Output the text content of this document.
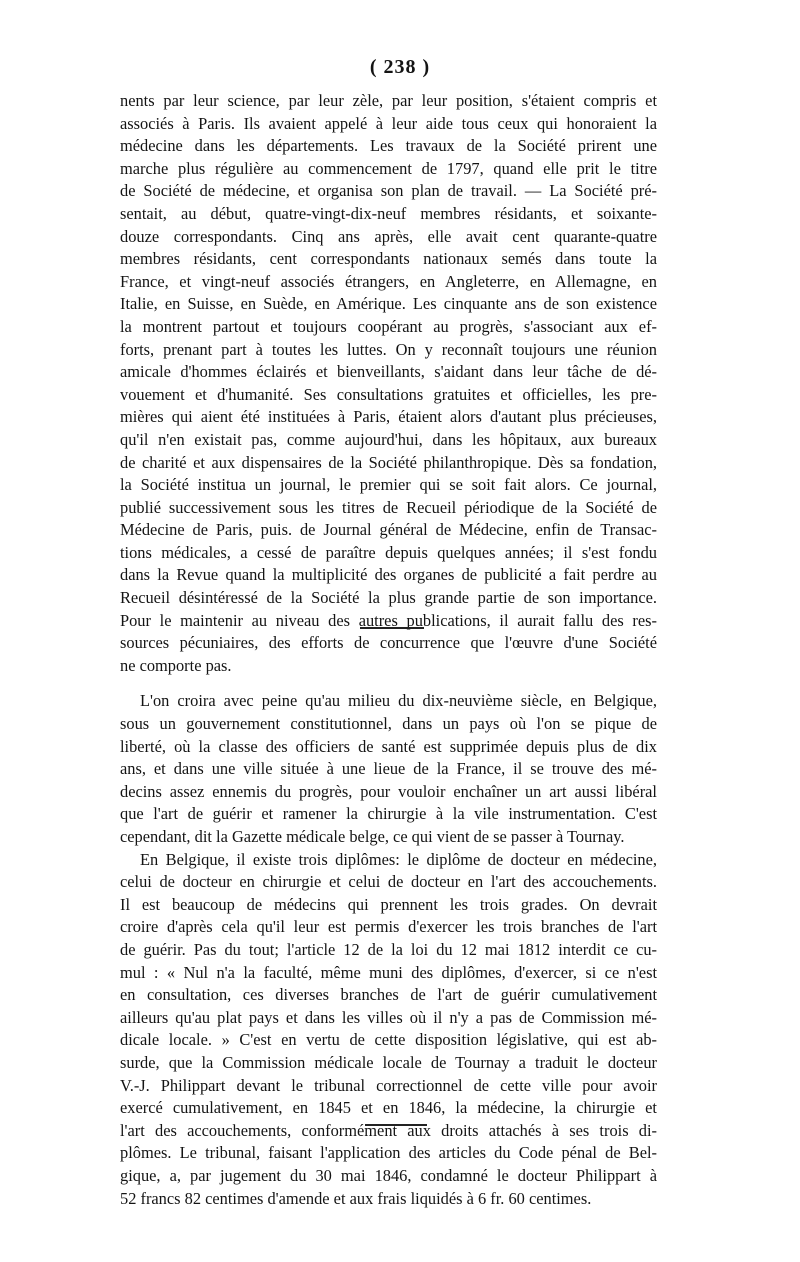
( 238 )

nents par leur science, par leur zèle, par leur position, s'étaient compris et
associés à Paris. Ils avaient appelé à leur aide tous ceux qui honoraient la
médecine dans les départements. Les travaux de la Société prirent une
marche plus régulière au commencement de 1797, quand elle prit le titre
de Société de médecine, et organisa son plan de travail. — La Société pré-
sentait, au début, quatre-vingt-dix-neuf membres résidants, et soixante-
douze correspondants. Cinq ans après, elle avait cent quarante-quatre
membres résidants, cent correspondants nationaux semés dans toute la
France, et vingt-neuf associés étrangers, en Angleterre, en Allemagne, en
Italie, en Suisse, en Suède, en Amérique. Les cinquante ans de son existence
la montrent partout et toujours coopérant au progrès, s'associant aux ef-
forts, prenant part à toutes les luttes. On y reconnaît toujours une réunion
amicale d'hommes éclairés et bienveillants, s'aidant dans leur tâche de dé-
vouement et d'humanité. Ses consultations gratuites et officielles, les pre-
mières qui aient été instituées à Paris, étaient alors d'autant plus précieuses,
qu'il n'en existait pas, comme aujourd'hui, dans les hôpitaux, aux bureaux
de charité et aux dispensaires de la Société philanthropique. Dès sa fondation,
la Société institua un journal, le premier qui se soit fait alors. Ce journal,
publié successivement sous les titres de Recueil périodique de la Société de
Médecine de Paris, puis. de Journal général de Médecine, enfin de Transac-
tions médicales, a cessé de paraître depuis quelques années; il s'est fondu
dans la Revue quand la multiplicité des organes de publicité a fait perdre au
Recueil désintéressé de la Société la plus grande partie de son importance.
Pour le maintenir au niveau des autres publications, il aurait fallu des res-
sources pécuniaires, des efforts de concurrence que l'œuvre d'une Société
ne comporte pas.

L'on croira avec peine qu'au milieu du dix-neuvième siècle, en Belgique,
sous un gouvernement constitutionnel, dans un pays où l'on se pique de
liberté, où la classe des officiers de santé est supprimée depuis plus de dix
ans, et dans une ville située à une lieue de la France, il se trouve des mé-
decins assez ennemis du progrès, pour vouloir enchaîner un art aussi libéral
que l'art de guérir et ramener la chirurgie à la vile instrumentation. C'est
cependant, dit la Gazette médicale belge, ce qui vient de se passer à Tournay.

En Belgique, il existe trois diplômes: le diplôme de docteur en médecine,
celui de docteur en chirurgie et celui de docteur en l'art des accouchements.
Il est beaucoup de médecins qui prennent les trois grades. On devrait
croire d'après cela qu'il leur est permis d'exercer les trois branches de l'art
de guérir. Pas du tout; l'article 12 de la loi du 12 mai 1812 interdit ce cu-
mul : « Nul n'a la faculté, même muni des diplômes, d'exercer, si ce n'est
en consultation, ces diverses branches de l'art de guérir cumulativement
ailleurs qu'au plat pays et dans les villes où il n'y a pas de Commission mé-
dicale locale. » C'est en vertu de cette disposition législative, qui est ab-
surde, que la Commission médicale locale de Tournay a traduit le docteur
V.-J. Philippart devant le tribunal correctionnel de cette ville pour avoir
exercé cumulativement, en 1845 et en 1846, la médecine, la chirurgie et
l'art des accouchements, conformément aux droits attachés à ses trois di-
plômes. Le tribunal, faisant l'application des articles du Code pénal de Bel-
gique, a, par jugement du 30 mai 1846, condamné le docteur Philippart à
52 francs 82 centimes d'amende et aux frais liquidés à 6 fr. 60 centimes.
